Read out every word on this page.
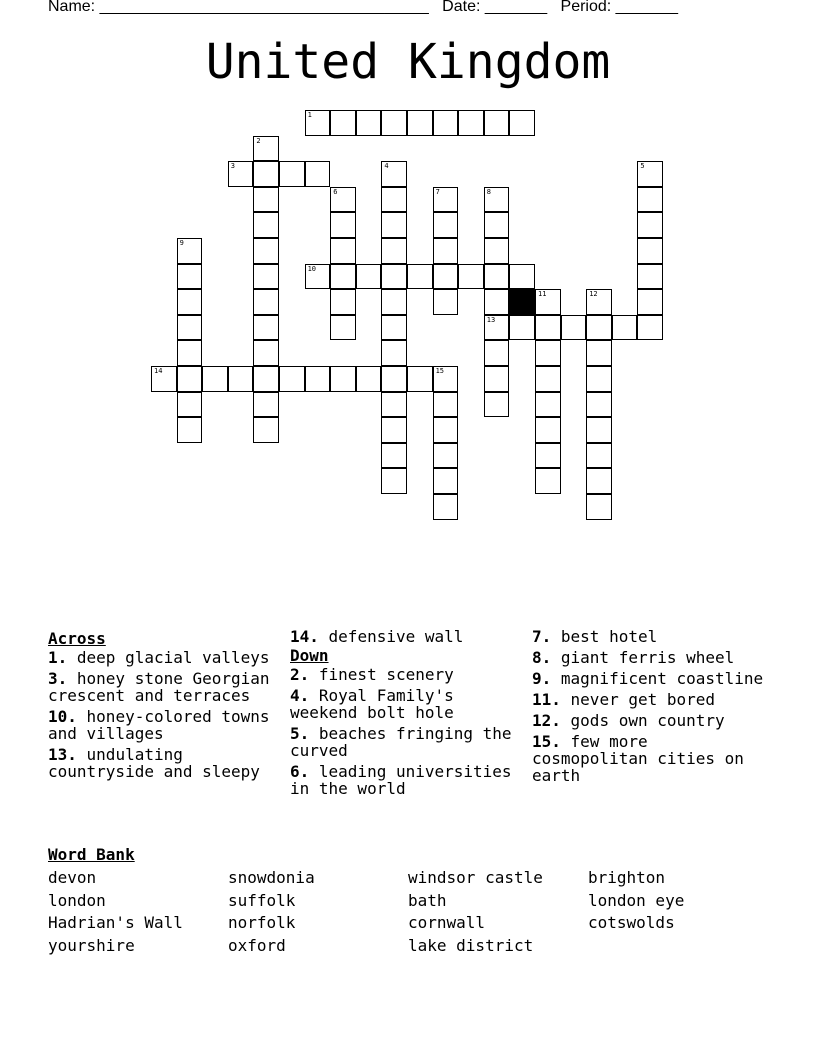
Name: _____________________________________ Date: _______ Period: _______
United Kingdom
1
2
3	4	5
6	7	8
13
9
10
11	12
14	15
Across
1. deep glacial valleys
3. honey stone Georgian crescent and terraces
10. honey-colored towns and villages
13. undulating countryside and sleepy
14. defensive wall
Down
2. finest scenery
4. Royal Family's weekend bolt hole
5. beaches fringing the curved
6. leading universities in the world
7. best hotel
8. giant ferris wheel
9. magnificent coastline
11. never get bored
12. gods own country
15. few more cosmopolitan cities on earth
Word Bank
devon
london
Hadrian's Wall
yourshire
snowdonia
suffolk
norfolk
oxford
windsor castle
bath
cornwall
lake district
brighton
london eye
cotswolds
